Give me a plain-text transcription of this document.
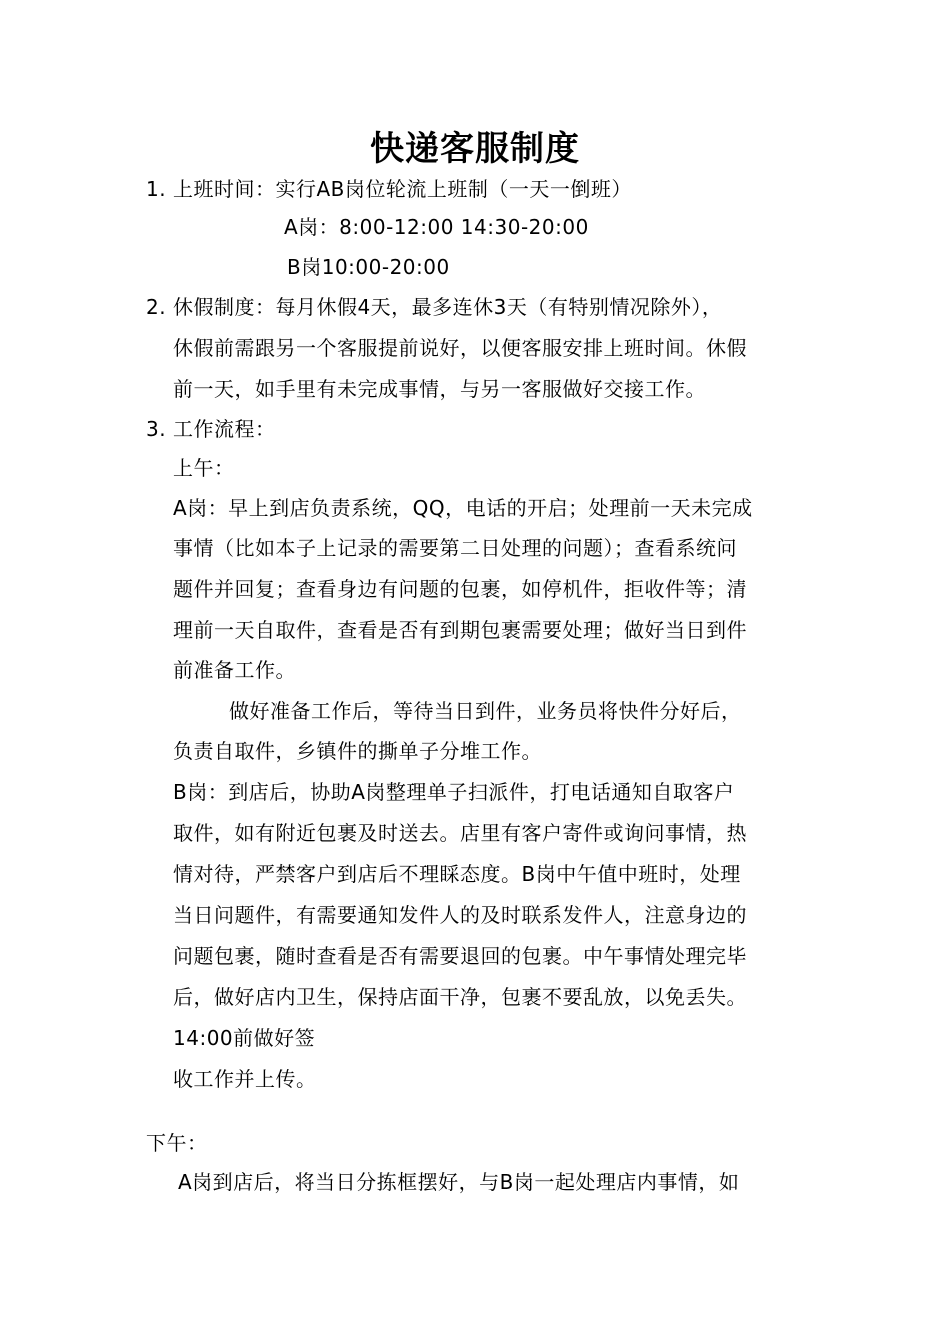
快递客服制度
1. 上班时间：实行AB岗位轮流上班制（一天一倒班）
A岗：8:00-12:00 14:30-20:00
B岗10:00-20:00
2. 休假制度：每月休假4天，最多连休3天（有特别情况除外），
休假前需跟另一个客服提前说好，以便客服安排上班时间。休假
前一天，如手里有未完成事情，与另一客服做好交接工作。
3. 工作流程：
上午：
A岗：早上到店负责系统，QQ，电话的开启；处理前一天未完成
事情（比如本子上记录的需要第二日处理的问题）；查看系统问
题件并回复；查看身边有问题的包裹，如停机件，拒收件等；清
理前一天自取件，查看是否有到期包裹需要处理；做好当日到件
前准备工作。
做好准备工作后，等待当日到件，业务员将快件分好后，
负责自取件，乡镇件的撕单子分堆工作。
B岗：到店后，协助A岗整理单子扫派件，打电话通知自取客户
取件，如有附近包裹及时送去。店里有客户寄件或询问事情，热
情对待，严禁客户到店后不理睬态度。B岗中午值中班时，处理
当日问题件，有需要通知发件人的及时联系发件人，注意身边的
问题包裹，随时查看是否有需要退回的包裹。中午事情处理完毕
后，做好店内卫生，保持店面干净，包裹不要乱放，以免丢失。
14:00前做好签
收工作并上传。
下午：
A岗到店后，将当日分拣框摆好，与B岗一起处理店内事情，如
